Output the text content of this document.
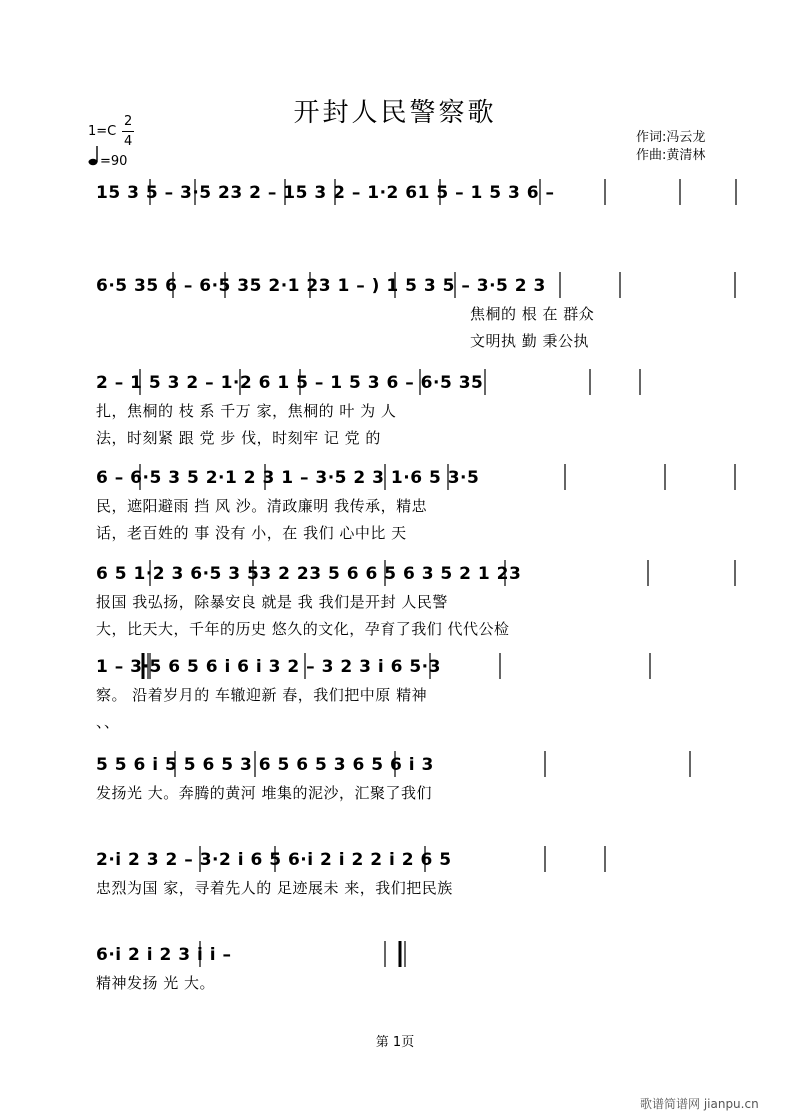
开封人民警察歌
1=C
2
4
=90
作词:冯云龙
作曲:黄清林
第 1页
歌谱简谱网 jianpu.cn
15 3 5 – 3·5 23 2 – 15 3 2 – 1·2 61 5 – 1 5 3 6 –
6·5 35 6 – 6·5 35 2·1 23 1 – ) 1 5 3 5 – 3·5 2 3
焦桐的 根 在 群众
文明执 勤 秉公执
2 – 1 5 3 2 – 1·2 6 1 5 – 1 5 3 6 – 6·5 35
扎，焦桐的 枝 系 千万 家，焦桐的 叶 为 人
法，时刻紧 跟 党 步 伐，时刻牢 记 党 的
6 – 6·5 3 5 2·1 2 3 1 – 3·5 2 3 1·6 5 3·5
民，遮阳避雨 挡 风 沙。清政廉明 我传承，精忠
话，老百姓的 事 没有 小，在 我们 心中比 天
6 5 1·2 3 6·5 3 53 2 23 5 6 6 5 6 3 5 2 1 23
报国 我弘扬，除暴安良 就是 我 我们是开封 人民警
大，比天大，千年的历史 悠久的文化，孕育了我们 代代公检
1 – 3·5 6 5 6 i 6 i 3 2 – 3 2 3 i 6 5·3
察。 沿着岁月的 车辙迎新 春，我们把中原 精神
、、
5 5 6 i 5 5 6 5 3 6 5 6 5 3 6 5 6 i 3
发扬光 大。奔腾的黄河 堆集的泥沙，汇聚了我们
2·i 2 3 2 – 3·2 i 6 5 6·i 2 i 2 2 i 2 6 5
忠烈为国 家，寻着先人的 足迹展未 来，我们把民族
6·i 2 i 2 3 i i –
精神发扬 光 大。
